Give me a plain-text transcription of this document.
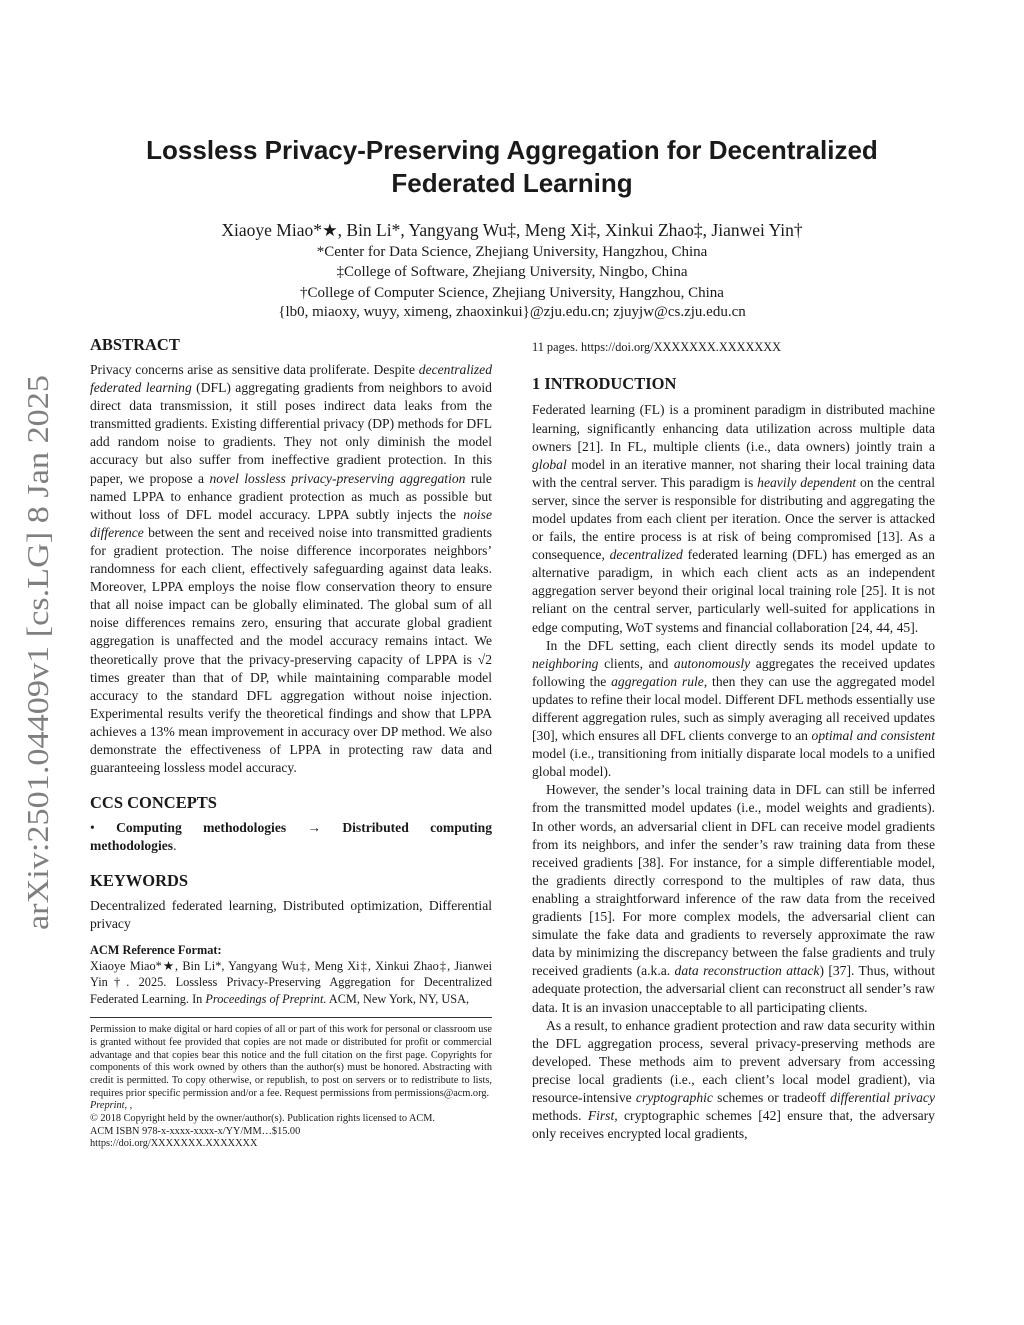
arXiv:2501.04409v1 [cs.LG] 8 Jan 2025
Lossless Privacy-Preserving Aggregation for Decentralized
Federated Learning
Xiaoye Miao*★, Bin Li*, Yangyang Wu‡, Meng Xi‡, Xinkui Zhao‡, Jianwei Yin†
*Center for Data Science, Zhejiang University, Hangzhou, China
‡College of Software, Zhejiang University, Ningbo, China
†College of Computer Science, Zhejiang University, Hangzhou, China
{lb0, miaoxy, wuyy, ximeng, zhaoxinkui}@zju.edu.cn; zjuyjw@cs.zju.edu.cn
ABSTRACT

Privacy concerns arise as sensitive data proliferate. Despite decentralized federated learning (DFL) aggregating gradients from neighbors to avoid direct data transmission, it still poses indirect data leaks from the transmitted gradients. Existing differential privacy (DP) methods for DFL add random noise to gradients. They not only diminish the model accuracy but also suffer from ineffective gradient protection. In this paper, we propose a novel lossless privacy-preserving aggregation rule named LPPA to enhance gradient protection as much as possible but without loss of DFL model accuracy. LPPA subtly injects the noise difference between the sent and received noise into transmitted gradients for gradient protection. The noise difference incorporates neighbors’ randomness for each client, effectively safeguarding against data leaks. Moreover, LPPA employs the noise flow conservation theory to ensure that all noise impact can be globally eliminated. The global sum of all noise differences remains zero, ensuring that accurate global gradient aggregation is unaffected and the model accuracy remains intact. We theoretically prove that the privacy-preserving capacity of LPPA is √2 times greater than that of DP, while maintaining comparable model accuracy to the standard DFL aggregation without noise injection. Experimental results verify the theoretical findings and show that LPPA achieves a 13% mean improvement in accuracy over DP method. We also demonstrate the effectiveness of LPPA in protecting raw data and guaranteeing lossless model accuracy.

CCS CONCEPTS

• Computing methodologies → Distributed computing methodologies.

KEYWORDS

Decentralized federated learning, Distributed optimization, Differential privacy

ACM Reference Format:

Xiaoye Miao*★, Bin Li*, Yangyang Wu‡, Meng Xi‡, Xinkui Zhao‡, Jianwei Yin†. 2025. Lossless Privacy-Preserving Aggregation for Decentralized Federated Learning. In Proceedings of Preprint. ACM, New York, NY, USA,

Permission to make digital or hard copies of all or part of this work for personal or classroom use is granted without fee provided that copies are not made or distributed for profit or commercial advantage and that copies bear this notice and the full citation on the first page. Copyrights for components of this work owned by others than the author(s) must be honored. Abstracting with credit is permitted. To copy otherwise, or republish, to post on servers or to redistribute to lists, requires prior specific permission and/or a fee. Request permissions from permissions@acm.org.

Preprint, ,

© 2018 Copyright held by the owner/author(s). Publication rights licensed to ACM.

ACM ISBN 978-x-xxxx-xxxx-x/YY/MM…$15.00

https://doi.org/XXXXXXX.XXXXXXX

11 pages. https://doi.org/XXXXXXX.XXXXXXX

1 INTRODUCTION

Federated learning (FL) is a prominent paradigm in distributed machine learning, significantly enhancing data utilization across multiple data owners [21]. In FL, multiple clients (i.e., data owners) jointly train a global model in an iterative manner, not sharing their local training data with the central server. This paradigm is heavily dependent on the central server, since the server is responsible for distributing and aggregating the model updates from each client per iteration. Once the server is attacked or fails, the entire process is at risk of being compromised [13]. As a consequence, decentralized federated learning (DFL) has emerged as an alternative paradigm, in which each client acts as an independent aggregation server beyond their original local training role [25]. It is not reliant on the central server, particularly well-suited for applications in edge computing, WoT systems and financial collaboration [24, 44, 45].

In the DFL setting, each client directly sends its model update to neighboring clients, and autonomously aggregates the received updates following the aggregation rule, then they can use the aggregated model updates to refine their local model. Different DFL methods essentially use different aggregation rules, such as simply averaging all received updates [30], which ensures all DFL clients converge to an optimal and consistent model (i.e., transitioning from initially disparate local models to a unified global model).

However, the sender’s local training data in DFL can still be inferred from the transmitted model updates (i.e., model weights and gradients). In other words, an adversarial client in DFL can receive model gradients from its neighbors, and infer the sender’s raw training data from these received gradients [38]. For instance, for a simple differentiable model, the gradients directly correspond to the multiples of raw data, thus enabling a straightforward inference of the raw data from the received gradients [15]. For more complex models, the adversarial client can simulate the fake data and gradients to reversely approximate the raw data by minimizing the discrepancy between the false gradients and truly received gradients (a.k.a. data reconstruction attack) [37]. Thus, without adequate protection, the adversarial client can reconstruct all sender’s raw data. It is an invasion unacceptable to all participating clients.

As a result, to enhance gradient protection and raw data security within the DFL aggregation process, several privacy-preserving methods are developed. These methods aim to prevent adversary from accessing precise local gradients (i.e., each client’s local model gradient), via resource-intensive cryptographic schemes or tradeoff differential privacy methods. First, cryptographic schemes [42] ensure that, the adversary only receives encrypted local gradients,
